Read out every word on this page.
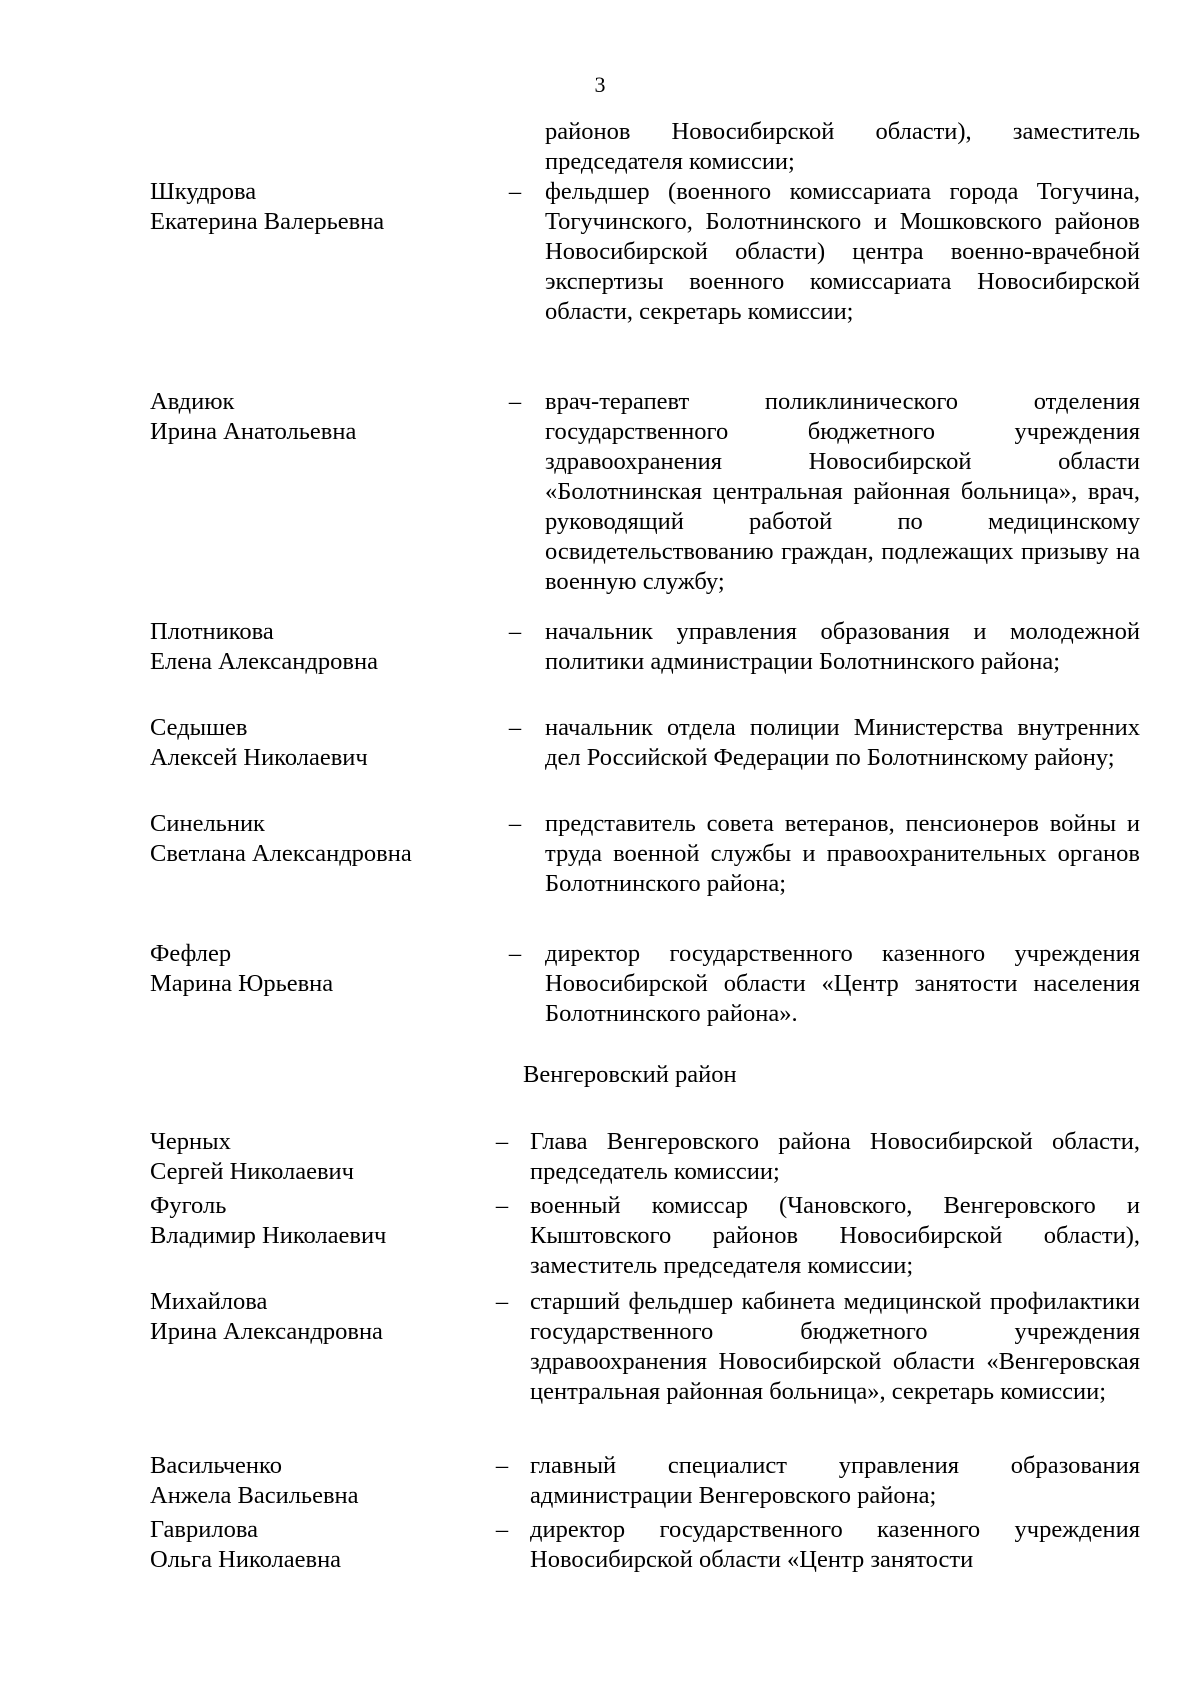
3
районов Новосибирской области), заместитель председателя комиссии;
Шкудрова
Екатерина Валерьевна
– фельдшер (военного комиссариата города Тогучина, Тогучинского, Болотнинского и Мошковского районов Новосибирской области) центра военно-врачебной экспертизы военного комиссариата Новосибирской области, секретарь комиссии;
Авдиюк
Ирина Анатольевна
– врач-терапевт поликлинического отделения государственного бюджетного учреждения здравоохранения Новосибирской области «Болотнинская центральная районная больница», врач, руководящий работой по медицинскому освидетельствованию граждан, подлежащих призыву на военную службу;
Плотникова
Елена Александровна
– начальник управления образования и молодежной политики администрации Болотнинского района;
Седышев
Алексей Николаевич
– начальник отдела полиции Министерства внутренних дел Российской Федерации по Болотнинскому району;
Синельник
Светлана Александровна
– представитель совета ветеранов, пенсионеров войны и труда военной службы и правоохранительных органов Болотнинского района;
Фефлер
Марина Юрьевна
– директор государственного казенного учреждения Новосибирской области «Центр занятости населения Болотнинского района».
Венгеровский район
Черных
Сергей Николаевич
– Глава Венгеровского района Новосибирской области, председатель комиссии;
Фуголь
Владимир Николаевич
– военный комиссар (Чановского, Венгеровского и Кыштовского районов Новосибирской области), заместитель председателя комиссии;
Михайлова
Ирина Александровна
– старший фельдшер кабинета медицинской профилактики государственного бюджетного учреждения здравоохранения Новосибирской области «Венгеровская центральная районная больница», секретарь комиссии;
Васильченко
Анжела Васильевна
– главный специалист управления образования администрации Венгеровского района;
Гаврилова
Ольга Николаевна
– директор государственного казенного учреждения Новосибирской области «Центр занятости
